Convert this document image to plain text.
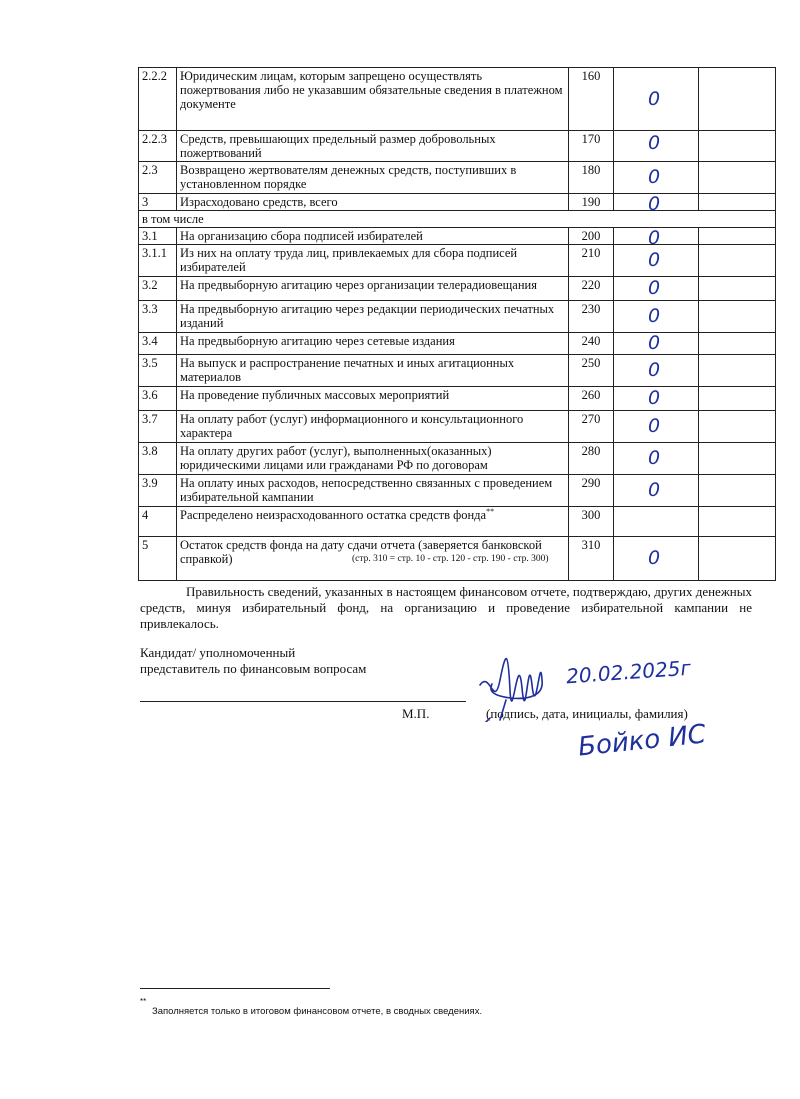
2.2.2	Юридическим лицам, которым запрещено осуществлять пожертвования либо не указавшим обязательные сведения в платежном документе	160	0	

2.2.3	Средств, превышающих предельный размер добровольных пожертвований	170	0	

2.3	Возвращено жертвователям денежных средств, поступивших в установленном порядке	180	0	

3	Израсходовано средств, всего	190	0	

в том числе				
3.1	На организацию сбора подписей избирателей	200	0	

3.1.1	Из них на оплату труда лиц, привлекаемых для сбора подписей избирателей	210	0	

3.2	На предвыборную агитацию через организации телерадиовещания	220	0	

3.3	На предвыборную агитацию через редакции периодических печатных изданий	230	0	

3.4	На предвыборную агитацию через сетевые издания	240	0	

3.5	На выпуск и распространение печатных и иных агитационных материалов	250	0	

3.6	На проведение публичных массовых мероприятий	260	0	

3.7	На оплату работ (услуг) информационного и консультационного характера	270	0	

3.8	На оплату других работ (услуг), выполненных(оказанных) юридическими лицами или гражданами РФ по договорам	280	0	

3.9	На оплату иных расходов, непосредственно связанных с проведением избирательной кампании	290	0	

4	Распределено неизрасходованного остатка средств фонда**	300	

5	Остаток средств фонда на дату сдачи отчета (заверяется банковской справкой) (стр. 310 = стр. 10 - стр. 120 - стр. 190 - стр. 300)	310	0	

Правильность сведений, указанных в настоящем финансовом отчете, подтверждаю, других денежных средств, минуя избирательный фонд, на организацию и проведение избирательной кампании не привлекалось.
Кандидат/ уполномоченный
представитель по финансовым вопросам
М.П.	(подпись, дата, инициалы, фамилия)
20.02.2025г
Бойко ИС
**
Заполняется только в итоговом финансовом отчете, в сводных сведениях.
